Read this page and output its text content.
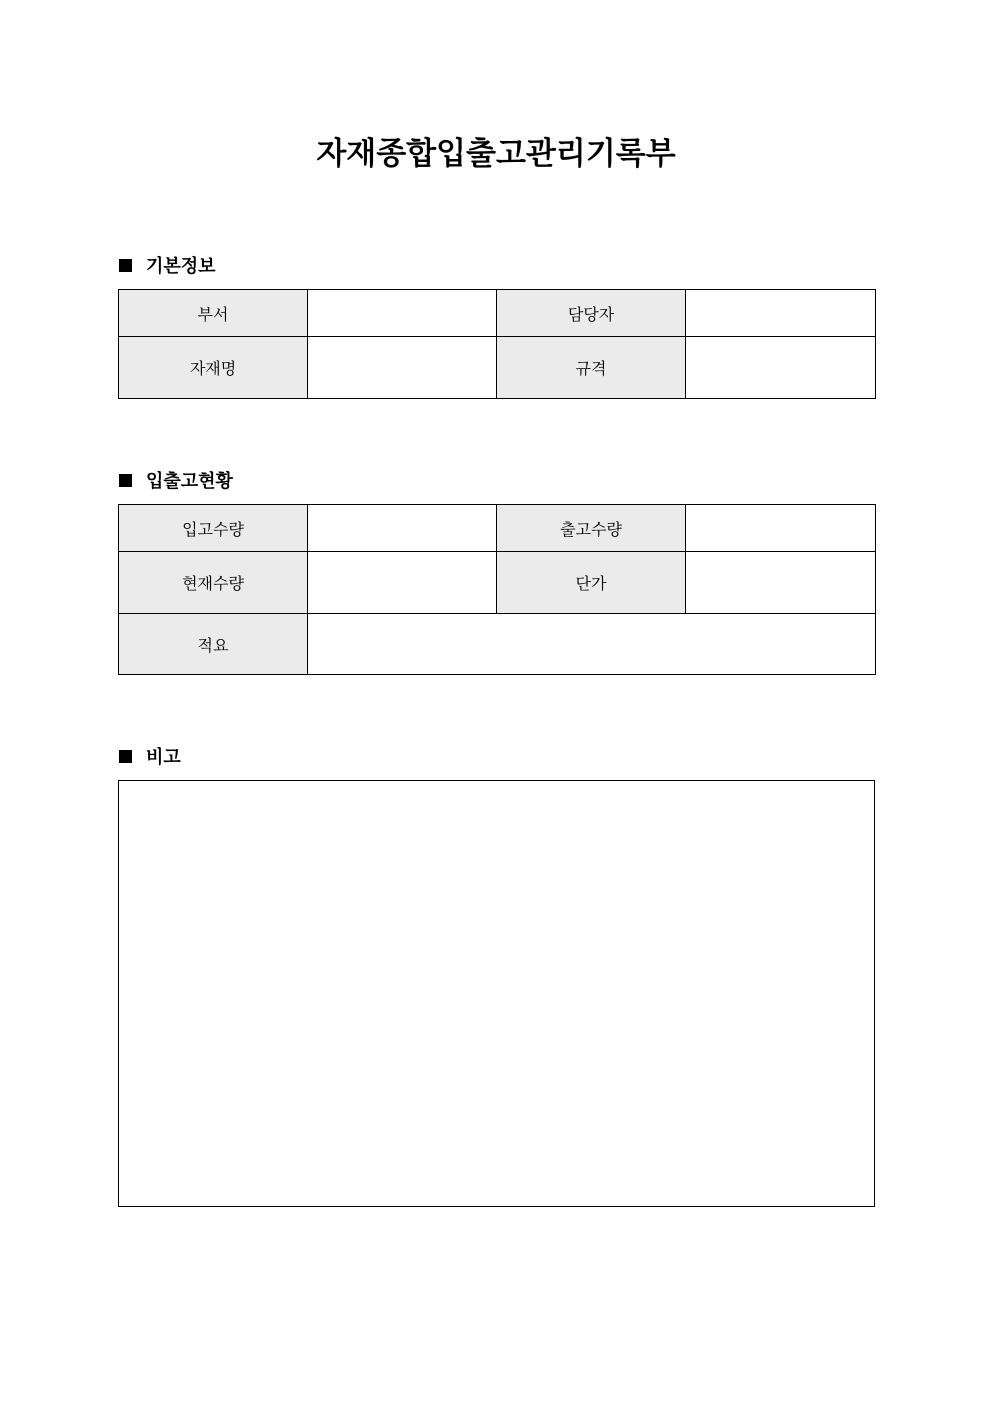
자재종합입출고관리기록부
기본정보
부서		담당자	
자재명		규격	
입출고현황
입고수량		출고수량	
현재수량		단가	
적요			
비고
